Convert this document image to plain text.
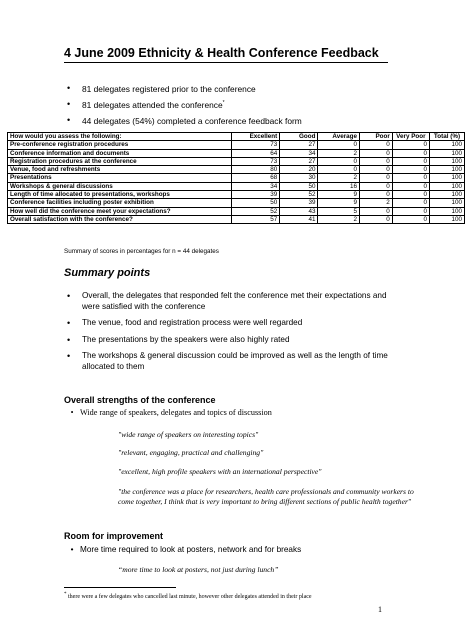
4 June 2009 Ethnicity & Health Conference Feedback
• 81 delegates registered prior to the conference
• 81 delegates attended the conference*
• 44 delegates (54%) completed a conference feedback form
How would you assess the following:	Excellent	Good	Average	Poor	Very Poor	Total (%)
Pre-conference registration procedures	73	27	0	0	0	100
Conference information and documents	64	34	2	0	0	100
Registration procedures at the conference	73	27	0	0	0	100
Venue, food and refreshments	80	20	0	0	0	100
Presentations	68	30	2	0	0	100
Workshops & general discussions	34	50	16	0	0	100
Length of time allocated to presentations, workshops	39	52	9	0	0	100
Conference facilities including poster exhibition	50	39	9	2	0	100
How well did the conference meet your expectations?	52	43	5	0	0	100
Overall satisfaction with the conference?	57	41	2	0	0	100
Summary of scores in percentages for n = 44 delegates
Summary points
• Overall, the delegates that responded felt the conference met their expectations and were satisfied with the conference
• The venue, food and registration process were well regarded
• The presentations by the speakers were also highly rated
• The workshops & general discussion could be improved as well as the length of time allocated to them
Overall strengths of the conference
• Wide range of speakers, delegates and topics of discussion
"wide range of speakers on interesting topics"
"relevant, engaging, practical and challenging"
"excellent, high profile speakers with an international perspective"
"the conference was a place for researchers, health care professionals and community workers to come together, I think that is very important to bring different sections of public health together"
Room for improvement
• More time required to look at posters, network and for breaks
“more time to look at posters, not just during lunch”
* there were a few delegates who cancelled last minute, however other delegates attended in their place
1
